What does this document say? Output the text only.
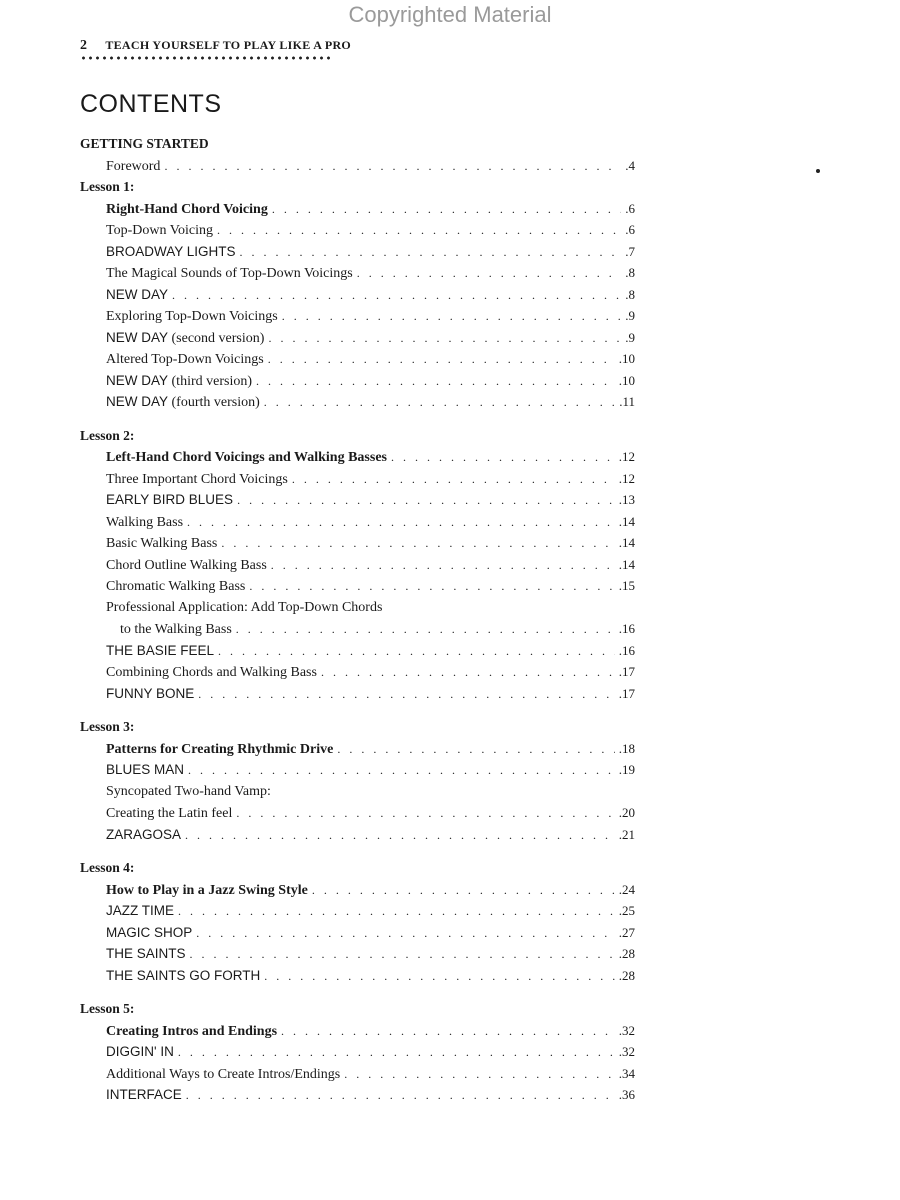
Copyrighted Material
2 TEACH YOURSELF TO PLAY LIKE A PRO
CONTENTS
GETTING STARTED
Foreword . . .	.4
Lesson 1:
Right-Hand Chord Voicing . . .	.6
Top-Down Voicing . . .	.6
BROADWAY LIGHTS . . .	.7
The Magical Sounds of Top-Down Voicings . . .	.8
NEW DAY . . .	.8
Exploring Top-Down Voicings . . .	.9
NEW DAY (second version) . . .	.9
Altered Top-Down Voicings . . .	.10
NEW DAY (third version) . . .	.10
NEW DAY (fourth version) . . .	.11
Lesson 2:
Left-Hand Chord Voicings and Walking Basses . . .	.12
Three Important Chord Voicings . . .	.12
EARLY BIRD BLUES . . .	.13
Walking Bass . . .	.14
Basic Walking Bass . . .	.14
Chord Outline Walking Bass . . .	.14
Chromatic Walking Bass . . .	.15
Professional Application: Add Top-Down Chords
to the Walking Bass . . .	.16
THE BASIE FEEL . . .	.16
Combining Chords and Walking Bass . . .	.17
FUNNY BONE . . .	.17
Lesson 3:
Patterns for Creating Rhythmic Drive . . .	.18
BLUES MAN . . .	.19
Syncopated Two-hand Vamp:
Creating the Latin feel . . .	.20
ZARAGOSA . . .	.21
Lesson 4:
How to Play in a Jazz Swing Style . . .	.24
JAZZ TIME . . .	.25
MAGIC SHOP . . .	.27
THE SAINTS . . .	.28
THE SAINTS GO FORTH . . .	.28
Lesson 5:
Creating Intros and Endings . . .	.32
DIGGIN' IN . . .	.32
Additional Ways to Create Intros/Endings . . .	.34
INTERFACE . . .	.36
